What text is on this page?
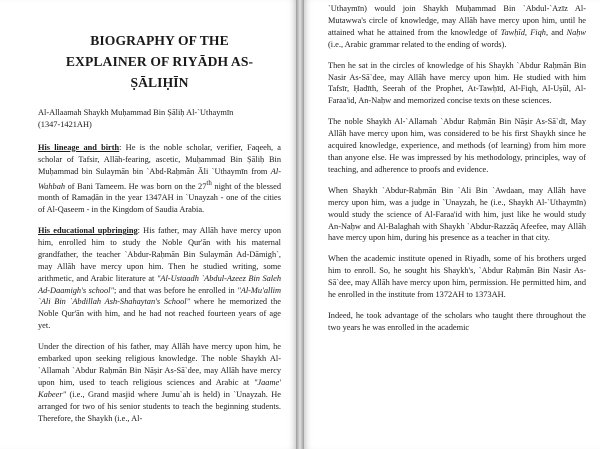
BIOGRAPHY OF THE
EXPLAINER OF RIYĀDH AS-
ṢĀLIḤĪN

Al-Allaamah Shaykh Muḥammad Bin Ṣāliḥ Al-`Uthaymīn
(1347-1421AH)

His lineage and birth: He is the noble scholar, verifier, Faqeeh, a scholar of Tafsir, Allāh-fearing, ascetic, Muḥammad Bin Ṣāliḥ Bin Muḥammad bin Sulaymān bin `Abd-Raḥmān Āli `Uthaymīn from Al-Wahbah of Bani Tameem. He was born on the 27th night of the blessed month of Ramaḍān in the year 1347AH in `Unayzah - one of the cities of Al-Qaseem - in the Kingdom of Saudia Arabia.

His educational upbringing: His father, may Allāh have mercy upon him, enrolled him to study the Noble Qur'ān with his maternal grandfather, the teacher `Abdur-Raḥmān Bin Sulaymān Ad-Dāmigh`, may Allāh have mercy upon him. Then he studied writing, some arithmetic, and Arabic literature at "Al-Ustaadh `Abdul-Azeez Bin Saleh Ad-Daamigh's school"; and that was before he enrolled in "Al-Mu'allim `Ali Bin `Abdillah Ash-Shahaytan's School" where he memorized the Noble Qur'ān with him, and he had not reached fourteen years of age yet.

Under the direction of his father, may Allāh have mercy upon him, he embarked upon seeking religious knowledge. The noble Shaykh Al-`Allamah `Abdur Raḥmān Bin Nāṣir As-Sā`dee, may Allāh have mercy upon him, used to teach religious sciences and Arabic at "Jaame' Kabeer" (i.e., Grand masjid where Jumu`ah is held) in `Unayzah. He arranged for two of his senior students to teach the beginning students. Therefore, the Shaykh (i.e., Al-

`Uthaymīn) would join Shaykh Muḥammad Bin `Abdul-`Azīz Al-Mutawwa's circle of knowledge, may Allāh have mercy upon him, until he attained what he attained from the knowledge of Tawḥīd, Fiqh, and Naḥw (i.e., Arabic grammar related to the ending of words).

Then he sat in the circles of knowledge of his Shaykh `Abdur Raḥmān Bin Nasir As-Sā`dee, may Allāh have mercy upon him. He studied with him Tafsīr, Ḥadīth, Seerah of the Prophet, At-Tawḥīd, Al-Fiqh, Al-Uṣūl, Al-Faraa'id, An-Naḥw and memorized concise texts on these sciences.

The noble Shaykh Al-`Allamah `Abdur Raḥmān Bin Nāṣir As-Sā`dī, May Allāh have mercy upon him, was considered to be his first Shaykh since he acquired knowledge, experience, and methods (of learning) from him more than anyone else. He was impressed by his methodology, principles, way of teaching, and adherence to proofs and evidence.

When Shaykh `Abdur-Raḥmān Bin `Ali Bin `Awdaan, may Allāh have mercy upon him, was a judge in `Unayzah, he (i.e., Shaykh Al-`Uthaymīn) would study the science of Al-Faraa'id with him, just like he would study An-Naḥw and Al-Balaghah with Shaykh `Abdur-Razzāq Afeefee, may Allāh have mercy upon him, during his presence as a teacher in that city.

When the academic institute opened in Riyadh, some of his brothers urged him to enroll. So, he sought his Shaykh's, `Abdur Raḥmān Bin Nasir As-Sā`dee, may Allāh have mercy upon him, permission. He permitted him, and he enrolled in the institute from 1372AH to 1373AH.

Indeed, he took advantage of the scholars who taught there throughout the two years he was enrolled in the academic
